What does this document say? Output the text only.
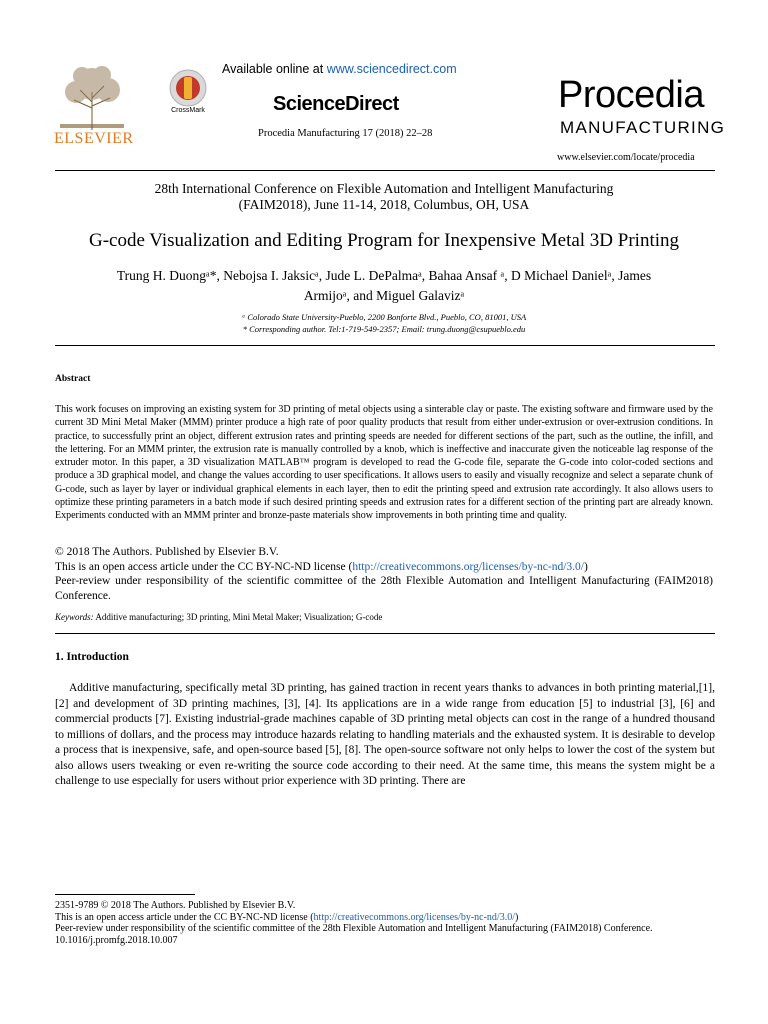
ELSEVIER
CrossMark
Available online at www.sciencedirect.com
ScienceDirect
Procedia Manufacturing 17 (2018) 22–28
Procedia
MANUFACTURING
www.elsevier.com/locate/procedia
28th International Conference on Flexible Automation and Intelligent Manufacturing
(FAIM2018), June 11-14, 2018, Columbus, OH, USA
G-code Visualization and Editing Program for Inexpensive Metal 3D Printing
Trung H. Duongᵃ*, Nebojsa I. Jaksicᵃ, Jude L. DePalmaᵃ, Bahaa Ansaf ᵃ, D Michael Danielᵃ, James
Armijoᵃ, and Miguel Galavizᵃ
ᵃ Colorado State University-Pueblo, 2200 Bonforte Blvd., Pueblo, CO, 81001, USA
* Corresponding author. Tel:1-719-549-2357; Email: trung.duong@csupueblo.edu
Abstract
This work focuses on improving an existing system for 3D printing of metal objects using a sinterable clay or paste. The existing software and firmware used by the current 3D Mini Metal Maker (MMM) printer produce a high rate of poor quality products that result from either under-extrusion or over-extrusion conditions. In practice, to successfully print an object, different extrusion rates and printing speeds are needed for different sections of the part, such as the outline, the infill, and the lettering. For an MMM printer, the extrusion rate is manually controlled by a knob, which is ineffective and inaccurate given the noticeable lag response of the extruder motor. In this paper, a 3D visualization MATLAB™ program is developed to read the G-code file, separate the G-code into color-coded sections and produce a 3D graphical model, and change the values according to user specifications. It allows users to easily and visually recognize and select a separate chunk of G-code, such as layer by layer or individual graphical elements in each layer, then to edit the printing speed and extrusion rate accordingly. It also allows users to optimize these printing parameters in a batch mode if such desired printing speeds and extrusion rates for a different section of the printing part are already known. Experiments conducted with an MMM printer and bronze-paste materials show improvements in both printing time and quality.
© 2018 The Authors. Published by Elsevier B.V.
This is an open access article under the CC BY-NC-ND license (http://creativecommons.org/licenses/by-nc-nd/3.0/)
Peer-review under responsibility of the scientific committee of the 28th Flexible Automation and Intelligent Manufacturing (FAIM2018) Conference.
Keywords: Additive manufacturing; 3D printing, Mini Metal Maker; Visualization; G-code
1. Introduction
Additive manufacturing, specifically metal 3D printing, has gained traction in recent years thanks to advances in both printing material,[1], [2] and development of 3D printing machines, [3], [4]. Its applications are in a wide range from education [5] to industrial [3], [6] and commercial products [7]. Existing industrial-grade machines capable of 3D printing metal objects can cost in the range of a hundred thousand to millions of dollars, and the process may introduce hazards relating to handling materials and the exhausted system. It is desirable to develop a process that is inexpensive, safe, and open-source based [5], [8]. The open-source software not only helps to lower the cost of the system but also allows users tweaking or even re-writing the source code according to their need. At the same time, this means the system might be a challenge to use especially for users without prior experience with 3D printing. There are
2351-9789 © 2018 The Authors. Published by Elsevier B.V.
This is an open access article under the CC BY-NC-ND license (http://creativecommons.org/licenses/by-nc-nd/3.0/)
Peer-review under responsibility of the scientific committee of the 28th Flexible Automation and Intelligent Manufacturing (FAIM2018) Conference.
10.1016/j.promfg.2018.10.007
